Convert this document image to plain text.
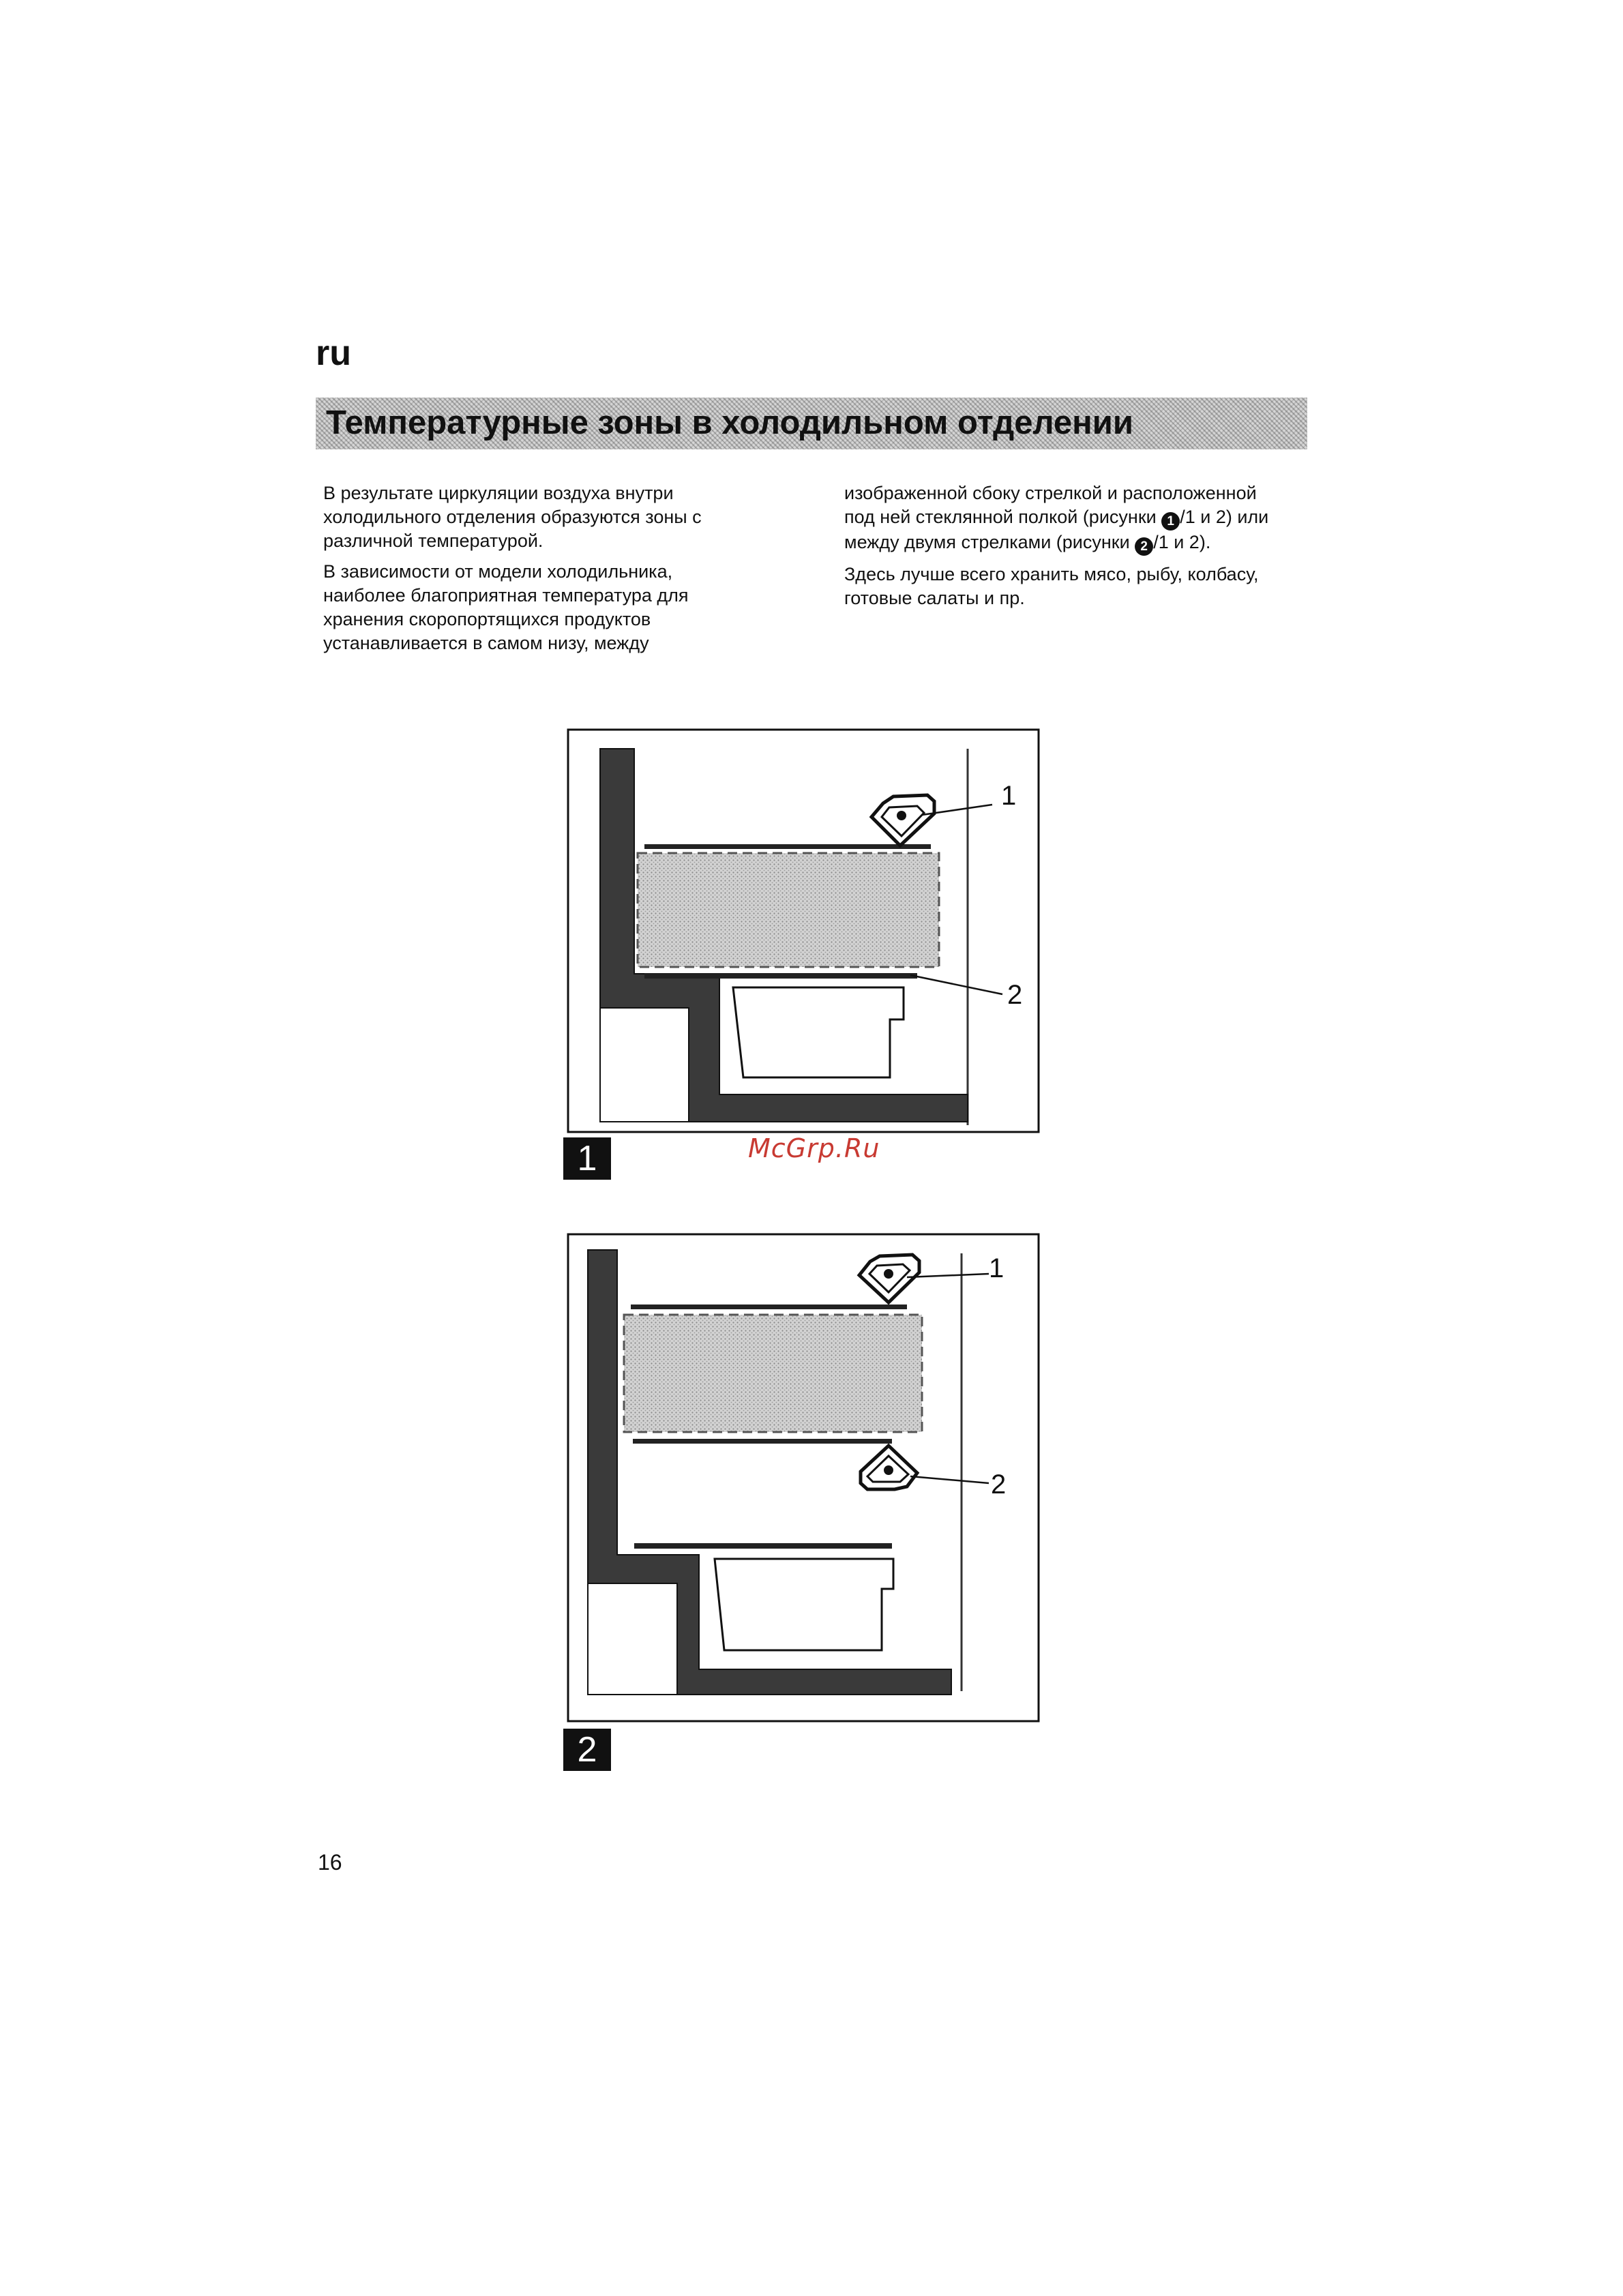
ru
Температурные зоны в холодильном отделении

В результате циркуляции воздуха внутри
холодильного отделения образуются зоны с
различной температурой.

В зависимости от модели холодильника,
наиболее благоприятная температура для
хранения скоропортящихся продуктов
устанавливается в самом низу, между

изображенной сбоку стрелкой и расположенной
под ней стеклянной полкой (рисунки 1 /1 и 2) или
между двумя стрелками (рисунки 2 /1 и 2).

Здесь лучше всего хранить мясо, рыбу, колбасу,
готовые салаты и пр.

1
2
1
2
1	McGrp.Ru
2
16
